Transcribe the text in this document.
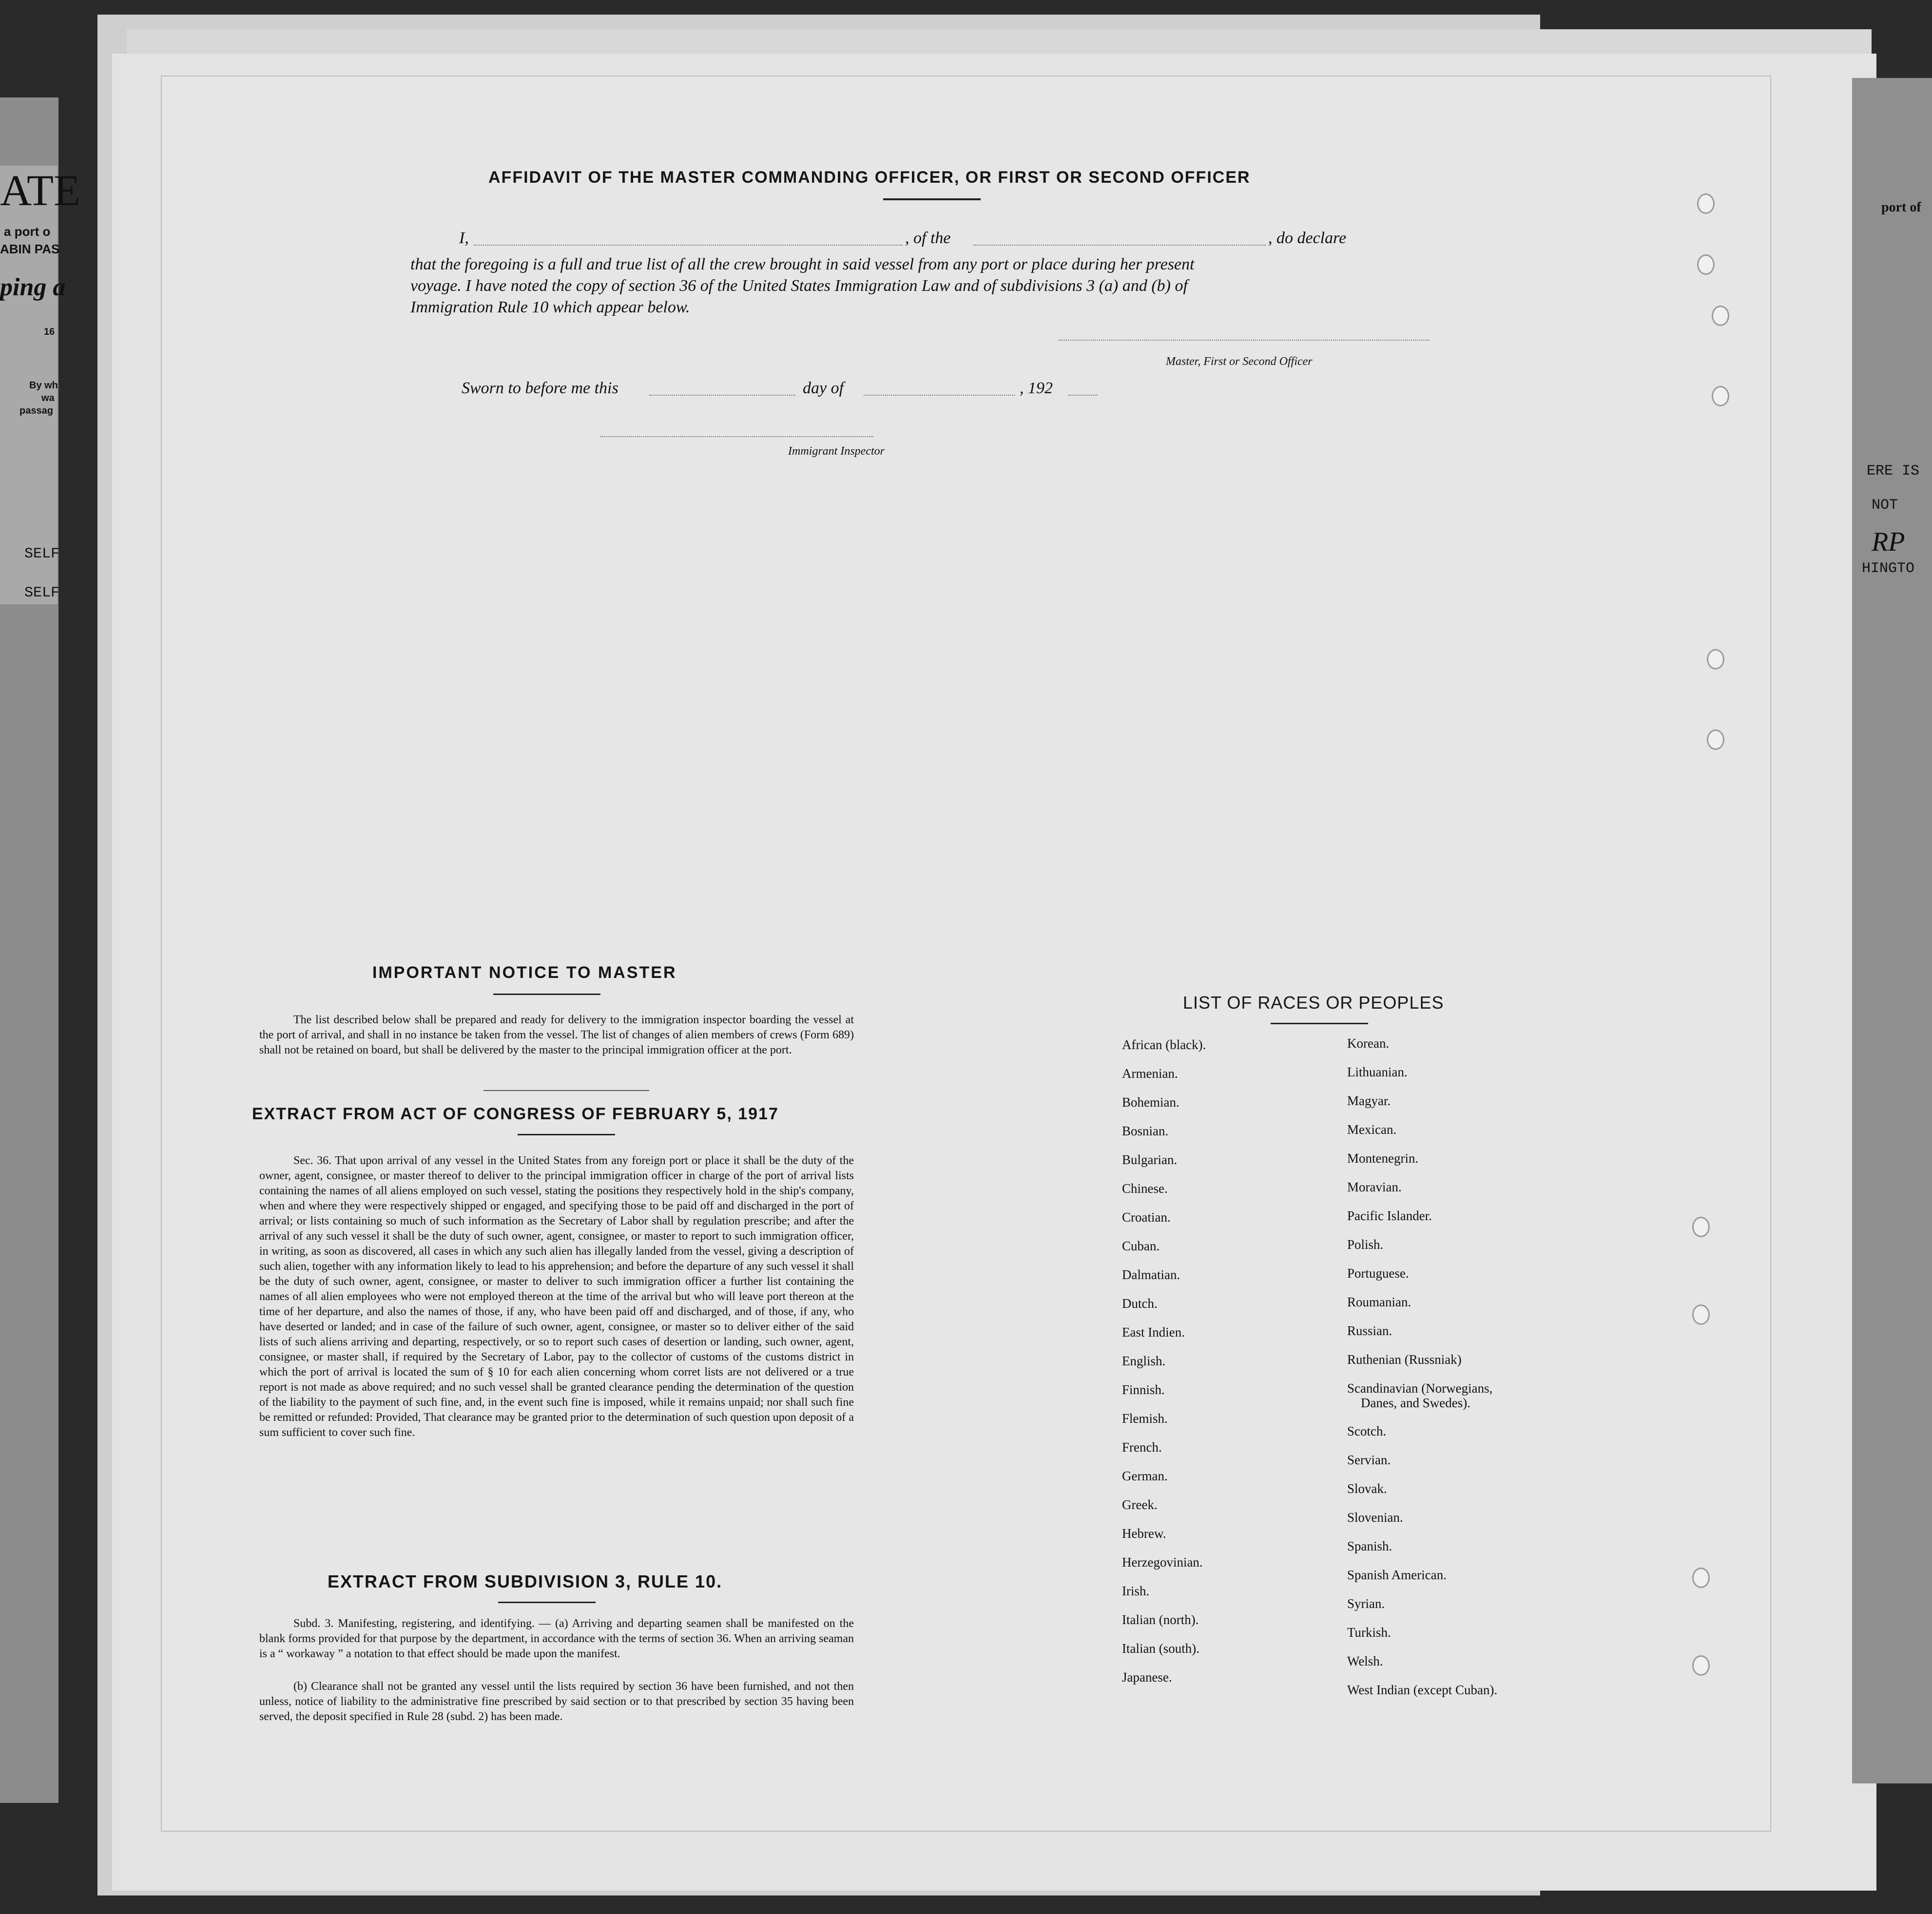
ATE
a port o
ABIN PAS
ping a
16
By wh
wa
passag
SELF
SELF
port of
ERE IS
NOT
RP
HINGTO
AFFIDAVIT OF THE MASTER COMMANDING OFFICER, OR FIRST OR SECOND OFFICER
I,	, of the	, do declare
that the foregoing is a full and true list of all the crew brought in said vessel from any port or place during her present
voyage. I have noted the copy of section 36 of the United States Immigration Law and of subdivisions 3 (a) and (b) of
Immigration Rule 10 which appear below.
Master, First or Second Officer
Sworn to before me this	day of	, 192
Immigrant Inspector
IMPORTANT NOTICE TO MASTER
The list described below shall be prepared and ready for delivery to the immigration inspector boarding the vessel at the port of arrival, and shall in no instance be taken from the vessel. The list of changes of alien members of crews (Form 689) shall not be retained on board, but shall be delivered by the master to the principal immigration officer at the port.
EXTRACT FROM ACT OF CONGRESS OF FEBRUARY 5, 1917
Sec. 36. That upon arrival of any vessel in the United States from any foreign port or place it shall be the duty of the owner, agent, consignee, or master thereof to deliver to the principal immigration officer in charge of the port of arrival lists containing the names of all aliens employed on such vessel, stating the positions they respectively hold in the ship's company, when and where they were respectively shipped or engaged, and specifying those to be paid off and discharged in the port of arrival; or lists containing so much of such information as the Secretary of Labor shall by regulation prescribe; and after the arrival of any such vessel it shall be the duty of such owner, agent, consignee, or master to report to such immigration officer, in writing, as soon as discovered, all cases in which any such alien has illegally landed from the vessel, giving a description of such alien, together with any information likely to lead to his apprehension; and before the departure of any such vessel it shall be the duty of such owner, agent, consignee, or master to deliver to such immigration officer a further list containing the names of all alien employees who were not employed thereon at the time of the arrival but who will leave port thereon at the time of her departure, and also the names of those, if any, who have been paid off and discharged, and of those, if any, who have deserted or landed; and in case of the failure of such owner, agent, consignee, or master so to deliver either of the said lists of such aliens arriving and departing, respectively, or so to report such cases of desertion or landing, such owner, agent, consignee, or master shall, if required by the Secretary of Labor, pay to the collector of customs of the customs district in which the port of arrival is located the sum of § 10 for each alien concerning whom corret lists are not delivered or a true report is not made as above required; and no such vessel shall be granted clearance pending the determination of the question of the liability to the payment of such fine, and, in the event such fine is imposed, while it remains unpaid; nor shall such fine be remitted or refunded: Provided, That clearance may be granted prior to the determination of such question upon deposit of a sum sufficient to cover such fine.
EXTRACT FROM SUBDIVISION 3, RULE 10.
Subd. 3. Manifesting, registering, and identifying. — (a) Arriving and departing seamen shall be manifested on the blank forms provided for that purpose by the department, in accordance with the terms of section 36. When an arriving seaman is a “ workaway ” a notation to that effect should be made upon the manifest.
(b) Clearance shall not be granted any vessel until the lists required by section 36 have been furnished, and not then unless, notice of liability to the administrative fine prescribed by said section or to that prescribed by section 35 having been served, the deposit specified in Rule 28 (subd. 2) has been made.
LIST OF RACES OR PEOPLES
African (black).
Armenian.
Bohemian.
Bosnian.
Bulgarian.
Chinese.
Croatian.
Cuban.
Dalmatian.
Dutch.
East Indien.
English.
Finnish.
Flemish.
French.
German.
Greek.
Hebrew.
Herzegovinian.
Irish.
Italian (north).
Italian (south).
Japanese.
Korean.
Lithuanian.
Magyar.
Mexican.
Montenegrin.
Moravian.
Pacific Islander.
Polish.
Portuguese.
Roumanian.
Russian.
Ruthenian (Russniak)
Scandinavian (Norwegians,
Danes, and Swedes).
Scotch.
Servian.
Slovak.
Slovenian.
Spanish.
Spanish American.
Syrian.
Turkish.
Welsh.
West Indian (except Cuban).
